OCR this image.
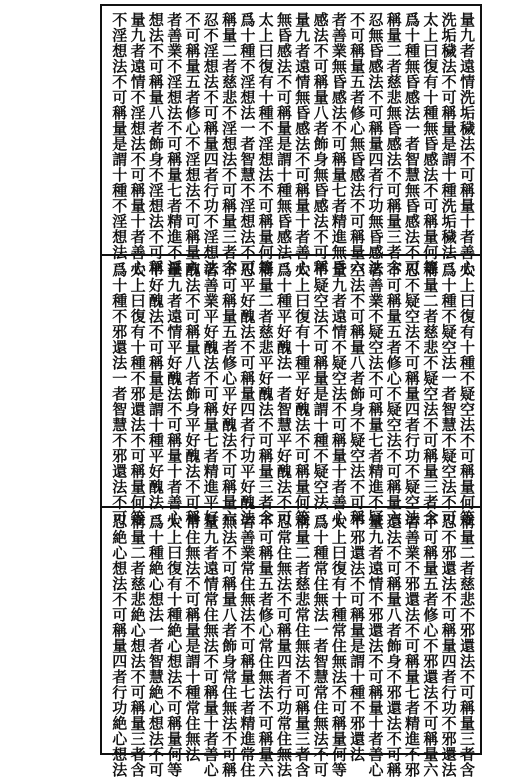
量九者遠情洗垢穢法不可稱量十者善心
洗垢穢法不可稱量是謂十種洗垢穢法
太上曰復有十種無昏感法不可稱量何等
爲十種無昏感法一者智慧無昏感法不可
稱量二者慈悲無昏感法不可稱量三者含
忍無昏感法不可稱量四者行功無昏感法
不可稱量五者修心無昏感法不可稱量六
者善業無昏感法不可稱量七者精進無昏
感法不可稱量八者飾身無昏感法不可稱
量九者遠情無昏感法不可稱量十者善心
無昏感法不可稱量是謂十種無昏感法
太上曰復有十種不淫想法不可稱量何等
爲十種不淫想法一者智慧不淫想法不可
稱量二者慈悲不淫想法不可稱量三者含
忍不淫想法不可稱量四者行功不淫想法
不可稱量五者修心不淫想法不可稱量六
者善業不淫想法不可稱量七者精進不淫
想法不可稱量八者飾身不淫想法不可稱
量九者遠情不淫想法不可稱量十者善心
不淫想法不可稱量是謂十種不淫想法
太上曰復有十種不疑空法不可稱量何等
爲十種不疑空法一者智慧不疑空法不可
稱量二者慈悲不疑空法不可稱量三者含
忍不疑空法不可稱量四者行功不疑空法
不可稱量五者修心不疑空法不可稱量六
者善業不疑空法不可稱量七者精進不疑
空法不可稱量八者飾身不疑空法不可稱
量九者遠情不疑空法不可稱量十者善心
不疑空法不可稱量是謂十種不疑空法
太上曰復有十種平好醜法不可稱量何等
爲十種平好醜法一者智慧平好醜法不可
稱量二者慈悲平好醜法不可稱量三者含
忍平好醜法不可稱量四者行功平好醜法
不可稱量五者修心平好醜法不可稱量六
者善業平好醜法不可稱量七者精進平好
醜法不可稱量八者飾身平好醜法不可稱
量九者遠情平好醜法不可稱量十者善心
平好醜法不可稱量是謂十種平好醜法
太上曰復有十種不邪還法不可稱量何等
爲十種不邪還法一者智慧不邪還法不可
稱量二者慈悲不邪還法不可稱量三者含
忍不邪還法不可稱量四者行功不邪還法
不可稱量五者修心不邪還法不可稱量六
者善業不邪還法不可稱量七者精進不邪
還法不可稱量八者飾身不邪還法不可稱
量九者遠情不邪還法不可稱量十者善心
不邪還法不可稱量是謂十種不邪還法
太上曰復有十種常住無法不可稱量何等
爲十種常住無法一者智慧常住無法不可
稱量二者慈悲常住無法不可稱量三者含
忍常住無法不可稱量四者行功常住無法
不可稱量五者修心常住無法不可稱量六
者善業常住無法不可稱量七者精進常住
無法不可稱量八者飾身常住無法不可稱
量九者遠情常住無法不可稱量十者善心
常住無法不可稱量是謂十種常住無法
太上曰復有十種絶心想法不可稱量何等
爲十種絶心想法一者智慧絶心想法不可
稱量二者慈悲絶心想法不可稱量三者含
忍絶心想法不可稱量四者行功絶心想法
